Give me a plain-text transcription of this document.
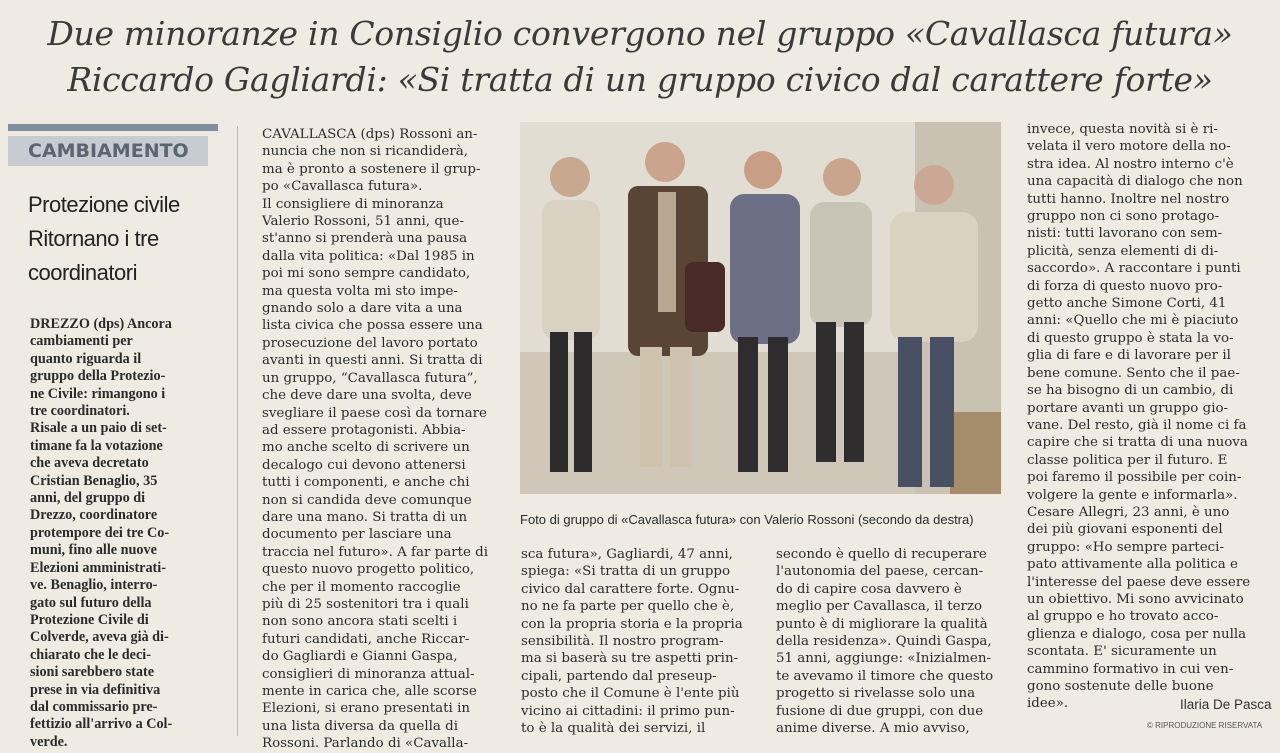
Due minoranze in Consiglio convergono nel gruppo «Cavallasca futura»
Riccardo Gagliardi: «Si tratta di un gruppo civico dal carattere forte»
CAMBIAMENTO
Protezione civile
Ritornano i tre
coordinatori
DREZZO (dps) Ancora
cambiamenti per
quanto riguarda il
gruppo della Protezio-
ne Civile: rimangono i
tre coordinatori.
Risale a un paio di set-
timane fa la votazione
che aveva decretato
Cristian Benaglio, 35
anni, del gruppo di
Drezzo, coordinatore
protempore dei tre Co-
muni, fino alle nuove
Elezioni amministrati-
ve. Benaglio, interro-
gato sul futuro della
Protezione Civile di
Colverde, aveva già di-
chiarato che le deci-
sioni sarebbero state
prese in via definitiva
dal commissario pre-
fettizio all'arrivo a Col-
verde.
CAVALLASCA (dps) Rossoni an-
nuncia che non si ricandiderà,
ma è pronto a sostenere il grup-
po «Cavallasca futura».
Il consigliere di minoranza
Valerio Rossoni, 51 anni, que-
st'anno si prenderà una pausa
dalla vita politica: «Dal 1985 in
poi mi sono sempre candidato,
ma questa volta mi sto impe-
gnando solo a dare vita a una
lista civica che possa essere una
prosecuzione del lavoro portato
avanti in questi anni. Si tratta di
un gruppo, “Cavallasca futura”,
che deve dare una svolta, deve
svegliare il paese così da tornare
ad essere protagonisti. Abbia-
mo anche scelto di scrivere un
decalogo cui devono attenersi
tutti i componenti, e anche chi
non si candida deve comunque
dare una mano. Si tratta di un
documento per lasciare una
traccia nel futuro». A far parte di
questo nuovo progetto politico,
che per il momento raccoglie
più di 25 sostenitori tra i quali
non sono ancora stati scelti i
futuri candidati, anche Riccar-
do Gagliardi e Gianni Gaspa,
consiglieri di minoranza attual-
mente in carica che, alle scorse
Elezioni, si erano presentati in
una lista diversa da quella di
Rossoni. Parlando di «Cavalla-
Foto di gruppo di «Cavallasca futura» con Valerio Rossoni (secondo da destra)
sca futura», Gagliardi, 47 anni,
spiega: «Si tratta di un gruppo
civico dal carattere forte. Ognu-
no ne fa parte per quello che è,
con la propria storia e la propria
sensibilità. Il nostro program-
ma si baserà su tre aspetti prin-
cipali, partendo dal preseup-
posto che il Comune è l'ente più
vicino ai cittadini: il primo pun-
to è la qualità dei servizi, il
secondo è quello di recuperare
l'autonomia del paese, cercan-
do di capire cosa davvero è
meglio per Cavallasca, il terzo
punto è di migliorare la qualità
della residenza». Quindi Gaspa,
51 anni, aggiunge: «Inizialmen-
te avevamo il timore che questo
progetto si rivelasse solo una
fusione di due gruppi, con due
anime diverse. A mio avviso,
invece, questa novità si è ri-
velata il vero motore della no-
stra idea. Al nostro interno c'è
una capacità di dialogo che non
tutti hanno. Inoltre nel nostro
gruppo non ci sono protago-
nisti: tutti lavorano con sem-
plicità, senza elementi di di-
saccordo». A raccontare i punti
di forza di questo nuovo pro-
getto anche Simone Corti, 41
anni: «Quello che mi è piaciuto
di questo gruppo è stata la vo-
glia di fare e di lavorare per il
bene comune. Sento che il pae-
se ha bisogno di un cambio, di
portare avanti un gruppo gio-
vane. Del resto, già il nome ci fa
capire che si tratta di una nuova
classe politica per il futuro. E
poi faremo il possibile per coin-
volgere la gente e informarla».
Cesare Allegri, 23 anni, è uno
dei più giovani esponenti del
gruppo: «Ho sempre parteci-
pato attivamente alla politica e
l'interesse del paese deve essere
un obiettivo. Mi sono avvicinato
al gruppo e ho trovato acco-
glienza e dialogo, cosa per nulla
scontata. E' sicuramente un
cammino formativo in cui ven-
gono sostenute delle buone
idee».	Ilaria De Pasca
© RIPRODUZIONE RISERVATA
